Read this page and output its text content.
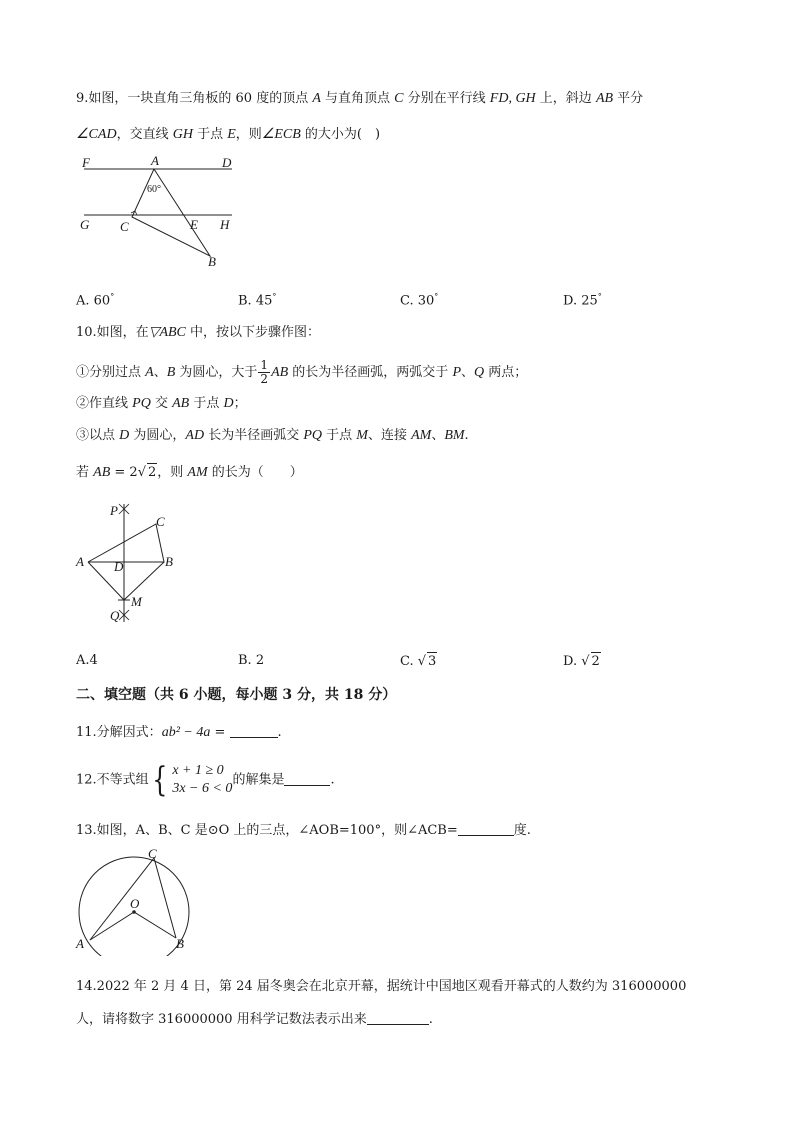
9.如图，一块直角三角板的 60 度的顶点 A 与直角顶点 C 分别在平行线 FD, GH 上，斜边 AB 平分
∠CAD，交直线 GH 于点 E，则∠ECB 的大小为(　)
F	A	D
60°
G C	E H
B
A. 60°	B. 45°	C. 30°	D. 25°
10.如图，在▽ABC 中，按以下步骤作图：
①分别过点 A、B 为圆心，大于 $\frac{1}{2}$ AB 的长为半径画弧，两弧交于 P、Q 两点；
②作直线 PQ 交 AB 于点 D；
③以点 D 为圆心，AD 长为半径画弧交 PQ 于点 M、连接 AM、BM.
若 AB = 2√ 2，则 AM 的长为（　　）
P
C
A D	B
M
Q
A.4	B. 2	C. √ 3	D. √ 2
二、填空题（共 6 小题，每小题 3 分，共 18 分）
11.分解因式：ab² − 4a =	.
12.不等式组 { x + 1 ≥ 0
3x − 6 < 0
的解集是	.
13.如图，A、B、C 是⊙O 上的三点，∠AOB=100°，则∠ACB=	度.
C
O
A	B
14.2022 年 2 月 4 日，第 24 届冬奥会在北京开幕，据统计中国地区观看开幕式的人数约为 316000000
人，请将数字 316000000 用科学记数法表示出来	.
